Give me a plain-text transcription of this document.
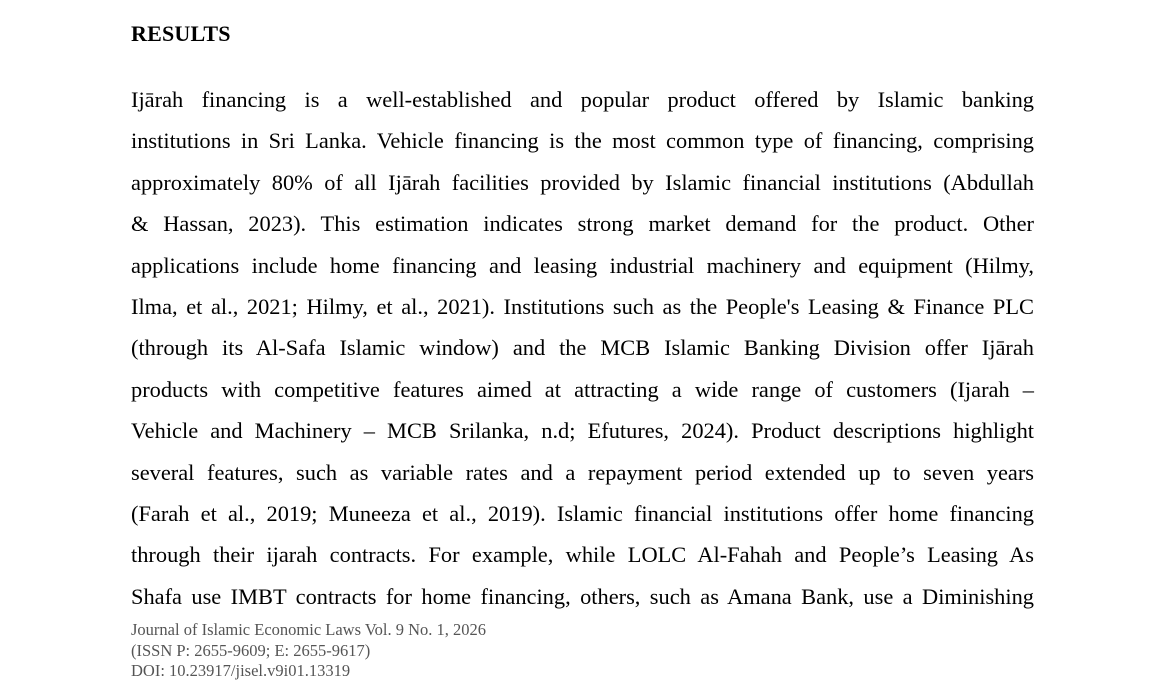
RESULTS

Ijārah financing is a well-established and popular product offered by Islamic banking
institutions in Sri Lanka. Vehicle financing is the most common type of financing, comprising
approximately 80% of all Ijārah facilities provided by Islamic financial institutions (Abdullah
& Hassan, 2023). This estimation indicates strong market demand for the product. Other
applications include home financing and leasing industrial machinery and equipment (Hilmy,
Ilma, et al., 2021; Hilmy, et al., 2021). Institutions such as the People's Leasing & Finance PLC
(through its Al-Safa Islamic window) and the MCB Islamic Banking Division offer Ijārah
products with competitive features aimed at attracting a wide range of customers (Ijarah –
Vehicle and Machinery – MCB Srilanka, n.d; Efutures, 2024). Product descriptions highlight
several features, such as variable rates and a repayment period extended up to seven years
(Farah et al., 2019; Muneeza et al., 2019). Islamic financial institutions offer home financing
through their ijarah contracts. For example, while LOLC Al-Fahah and People’s Leasing As
Shafa use IMBT contracts for home financing, others, such as Amana Bank, use a Diminishing

Journal of Islamic Economic Laws Vol. 9 No. 1, 2026
(ISSN P: 2655-9609; E: 2655-9617)
DOI: 10.23917/jisel.v9i01.13319
